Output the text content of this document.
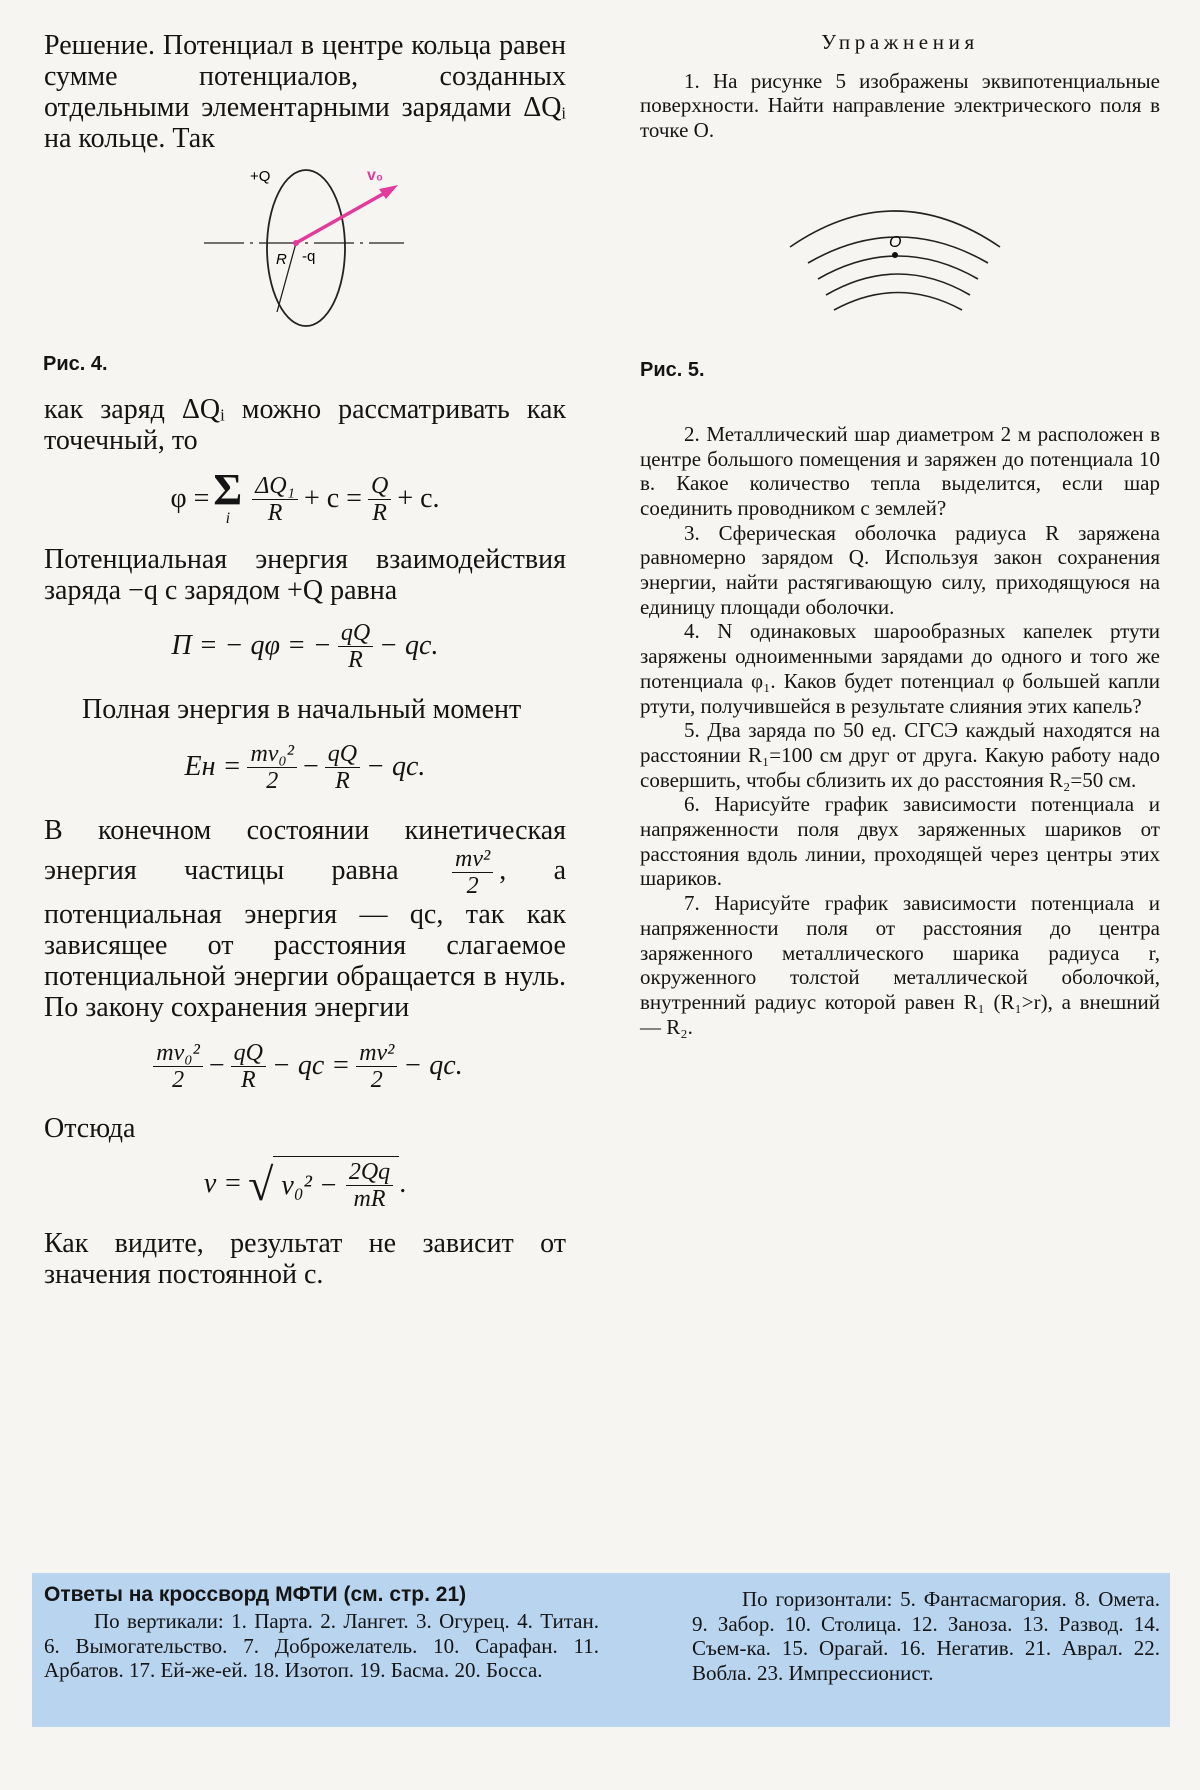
Решение. Потенциал в центре кольца равен сумме потенциалов, созданных отдельными элементарными зарядами ΔQᵢ на кольце. Так

+Q	v₀
R -q
Рис. 4.

как заряд ΔQᵢ можно рассматривать как точечный, то

φ = Σ
i $\frac{\text{ΔQ₁}}{R} + c = \frac{Q}{R} + c$.

Потенциальная энергия взаимодействия заряда −q с зарядом +Q равна

П = − qφ = − $\frac{qQ}{R}$ − qc.

Полная энергия в начальный момент

Eн = $\frac{\text{mv₀²}}{2} - \frac{qQ}{R}$ − qc.

В конечном состоянии кинетическая энергия частицы равна $\frac{\text{mv²}}{2}$ , а потенциальная энергия — qc, так как зависящее от расстояния слагаемое потенциальной энергии обращается в нуль. По закону сохранения энергии

$\frac{\text{mv₀²}}{2} - \frac{qQ}{R}$ − qc = $\frac{\text{mv²}}{2}$ − qc.

Отсюда

v = √ $v_0^2 - \frac{2Qq}{mR}$ .

Как видите, результат не зависит от значения постоянной c.

Упражнения

1. На рисунке 5 изображены эквипотенциальные поверхности. Найти направление электрического поля в точке O.

O
Рис. 5.

2. Металлический шар диаметром 2 м расположен в центре большого помещения и заряжен до потенциала 10 в. Какое количество тепла выделится, если шар соединить проводником с землей?

3. Сферическая оболочка радиуса R заряжена равномерно зарядом Q. Используя закон сохранения энергии, найти растягивающую силу, приходящуюся на единицу площади оболочки.

4. N одинаковых шарообразных капелек ртути заряжены одноименными зарядами до одного и того же потенциала φ₁. Каков будет потенциал φ большей капли ртути, получившейся в результате слияния этих капель?

5. Два заряда по 50 ед. СГСЭ каждый находятся на расстоянии R₁=100 см друг от друга. Какую работу надо совершить, чтобы сблизить их до расстояния R₂=50 см.

6. Нарисуйте график зависимости потенциала и напряженности поля двух заряженных шариков от расстояния вдоль линии, проходящей через центры этих шариков.

7. Нарисуйте график зависимости потенциала и напряженности поля от расстояния до центра заряженного металлического шарика радиуса r, окруженного толстой металлической оболочкой, внутренний радиус которой равен R₁ (R₁>r), а внешний — R₂.

Ответы на кроссворд МФТИ (см. стр. 21)

По вертикали: 1. Парта. 2. Лангет. 3. Огурец. 4. Титан. 6. Вымогательство. 7. Доброжелатель. 10. Сарафан. 11. Арбатов. 17. Ей-же-ей. 18. Изотоп. 19. Басма. 20. Босса.

По горизонтали: 5. Фантасмагория. 8. Омета. 9. Забор. 10. Столица. 12. Заноза. 13. Развод. 14. Съем-ка. 15. Орагай. 16. Негатив. 21. Аврал. 22. Вобла. 23. Импрессионист.
